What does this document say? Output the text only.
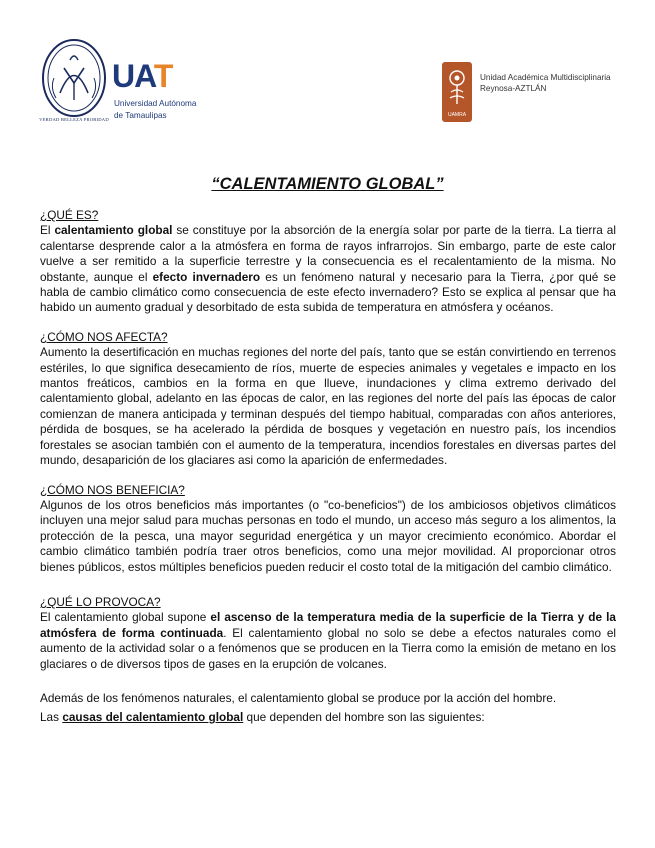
VERDAD BELLEZA PROBIDAD
UAT
Universidad Autónoma
de Tamaulipas	UAMRA
Unidad Académica Multidisciplinaria
Reynosa-AZTLÁN
“CALENTAMIENTO GLOBAL”

¿QUÉ ES?

El calentamiento global se constituye por la absorción de la energía solar por parte de la tierra. La tierra al calentarse desprende calor a la atmósfera en forma de rayos infrarrojos. Sin embargo, parte de este calor vuelve a ser remitido a la superficie terrestre y la consecuencia es el recalentamiento de la misma. No obstante, aunque el efecto invernadero es un fenómeno natural y necesario para la Tierra, ¿por qué se habla de cambio climático como consecuencia de este efecto invernadero? Esto se explica al pensar que ha habido un aumento gradual y desorbitado de esta subida de temperatura en atmósfera y océanos.

¿CÓMO NOS AFECTA?

Aumento la desertificación en muchas regiones del norte del país, tanto que se están convirtiendo en terrenos estériles, lo que significa desecamiento de ríos, muerte de especies animales y vegetales e impacto en los mantos freáticos, cambios en la forma en que llueve, inundaciones y clima extremo derivado del calentamiento global, adelanto en las épocas de calor, en las regiones del norte del país las épocas de calor comienzan de manera anticipada y terminan después del tiempo habitual, comparadas con años anteriores, pérdida de bosques, se ha acelerado la pérdida de bosques y vegetación en nuestro país, los incendios forestales se asocian también con el aumento de la temperatura, incendios forestales en diversas partes del mundo, desaparición de los glaciares asi como la aparición de enfermedades.

¿CÓMO NOS BENEFICIA?

Algunos de los otros beneficios más importantes (o "co-beneficios") de los ambiciosos objetivos climáticos incluyen una mejor salud para muchas personas en todo el mundo, un acceso más seguro a los alimentos, la protección de la pesca, una mayor seguridad energética y un mayor crecimiento económico. Abordar el cambio climático también podría traer otros beneficios, como una mejor movilidad. Al proporcionar otros bienes públicos, estos múltiples beneficios pueden reducir el costo total de la mitigación del cambio climático.

¿QUÉ LO PROVOCA?

El calentamiento global supone el ascenso de la temperatura media de la superficie de la Tierra y de la atmósfera de forma continuada. El calentamiento global no solo se debe a efectos naturales como el aumento de la actividad solar o a fenómenos que se producen en la Tierra como la emisión de metano en los glaciares o de diversos tipos de gases en la erupción de volcanes.

Además de los fenómenos naturales, el calentamiento global se produce por la acción del hombre.

Las causas del calentamiento global que dependen del hombre son las siguientes:
